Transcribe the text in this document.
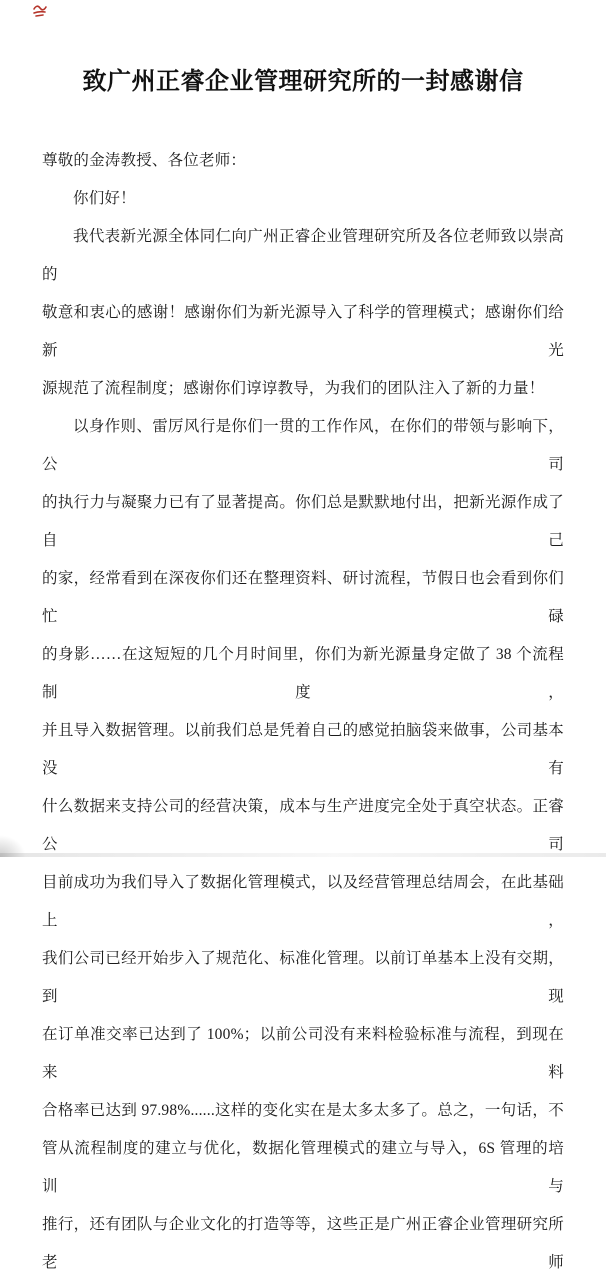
致广州正睿企业管理研究所的一封感谢信
尊敬的金涛教授、各位老师：
你们好！
我代表新光源全体同仁向广州正睿企业管理研究所及各位老师致以崇高的
敬意和衷心的感谢！感谢你们为新光源导入了科学的管理模式；感谢你们给新光
源规范了流程制度；感谢你们谆谆教导，为我们的团队注入了新的力量！
以身作则、雷厉风行是你们一贯的工作作风，在你们的带领与影响下，公司
的执行力与凝聚力已有了显著提高。你们总是默默地付出，把新光源作成了自己
的家，经常看到在深夜你们还在整理资料、研讨流程，节假日也会看到你们忙碌
的身影……在这短短的几个月时间里，你们为新光源量身定做了 38 个流程制度，
并且导入数据管理。以前我们总是凭着自己的感觉拍脑袋来做事，公司基本没有
什么数据来支持公司的经营决策，成本与生产进度完全处于真空状态。正睿公司
目前成功为我们导入了数据化管理模式，以及经营管理总结周会，在此基础上，
我们公司已经开始步入了规范化、标准化管理。以前订单基本上没有交期，到现
在订单准交率已达到了 100%；以前公司没有来料检验标准与流程，到现在来料
合格率已达到 97.98%......这样的变化实在是太多太多了。总之，一句话，不
管从流程制度的建立与优化，数据化管理模式的建立与导入，6S 管理的培训与
推行，还有团队与企业文化的打造等等，这些正是广州正睿企业管理研究所老师
